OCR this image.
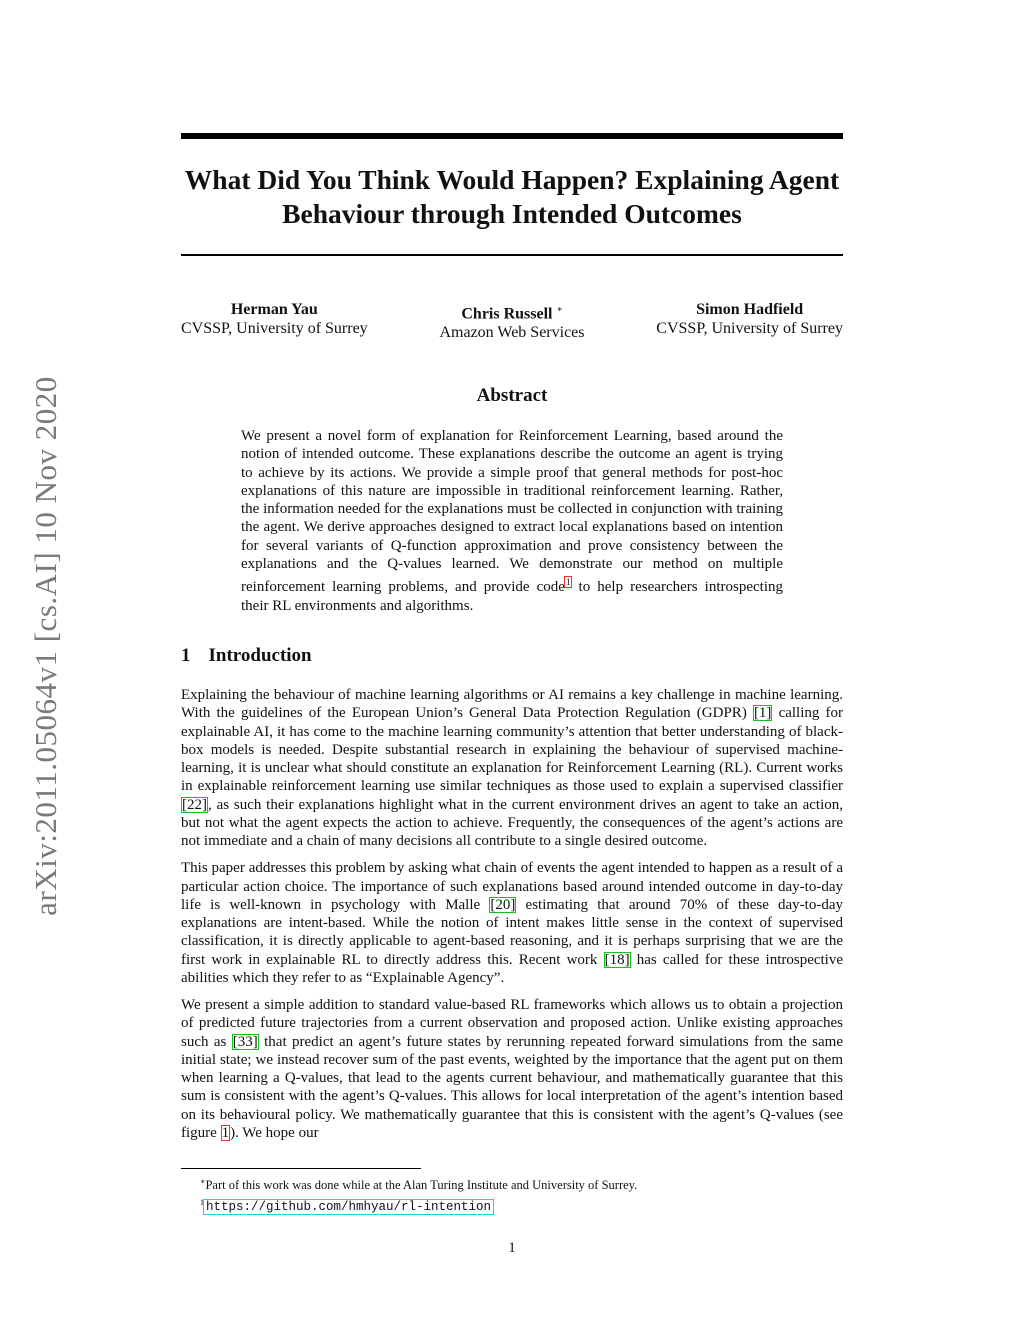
arXiv:2011.05064v1 [cs.AI] 10 Nov 2020
What Did You Think Would Happen? Explaining Agent Behaviour through Intended Outcomes
Herman Yau
CVSSP, University of Surrey
Chris Russell ∗
Amazon Web Services
Simon Hadfield
CVSSP, University of Surrey
Abstract

We present a novel form of explanation for Reinforcement Learning, based around the notion of intended outcome. These explanations describe the outcome an agent is trying to achieve by its actions. We provide a simple proof that general methods for post-hoc explanations of this nature are impossible in traditional reinforcement learning. Rather, the information needed for the explanations must be collected in conjunction with training the agent. We derive approaches designed to extract local explanations based on intention for several variants of Q-function approximation and prove consistency between the explanations and the Q-values learned. We demonstrate our method on multiple reinforcement learning problems, and provide code$^1$ to help researchers introspecting their RL environments and algorithms.

1 Introduction

Explaining the behaviour of machine learning algorithms or AI remains a key challenge in machine learning. With the guidelines of the European Union’s General Data Protection Regulation (GDPR) [1] calling for explainable AI, it has come to the machine learning community’s attention that better understanding of black-box models is needed. Despite substantial research in explaining the behaviour of supervised machine-learning, it is unclear what should constitute an explanation for Reinforcement Learning (RL). Current works in explainable reinforcement learning use similar techniques as those used to explain a supervised classifier [22], as such their explanations highlight what in the current environment drives an agent to take an action, but not what the agent expects the action to achieve. Frequently, the consequences of the agent’s actions are not immediate and a chain of many decisions all contribute to a single desired outcome.

This paper addresses this problem by asking what chain of events the agent intended to happen as a result of a particular action choice. The importance of such explanations based around intended outcome in day-to-day life is well-known in psychology with Malle [20] estimating that around 70% of these day-to-day explanations are intent-based. While the notion of intent makes little sense in the context of supervised classification, it is directly applicable to agent-based reasoning, and it is perhaps surprising that we are the first work in explainable RL to directly address this. Recent work [18] has called for these introspective abilities which they refer to as “Explainable Agency”.

We present a simple addition to standard value-based RL frameworks which allows us to obtain a projection of predicted future trajectories from a current observation and proposed action. Unlike existing approaches such as [33] that predict an agent’s future states by rerunning repeated forward simulations from the same initial state; we instead recover sum of the past events, weighted by the importance that the agent put on them when learning a Q-values, that lead to the agents current behaviour, and mathematically guarantee that this sum is consistent with the agent’s Q-values. This allows for local interpretation of the agent’s intention based on its behavioural policy. We mathematically guarantee that this is consistent with the agent’s Q-values (see figure 1). We hope our

∗Part of this work was done while at the Alan Turing Institute and University of Surrey.

$^1$ https://github.com/hmhyau/rl-intention

1
